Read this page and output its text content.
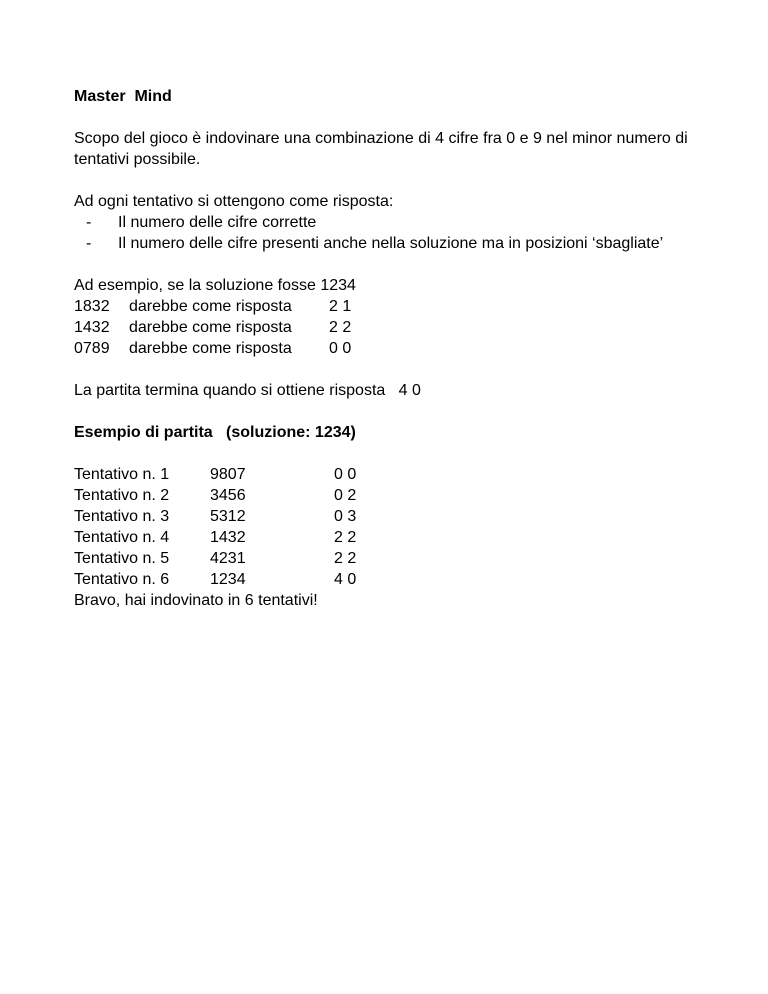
Master  Mind

Scopo del gioco è indovinare una combinazione di 4 cifre fra 0 e 9 nel minor numero di tentativi possibile.

Ad ogni tentativo si ottengono come risposta:

- Il numero delle cifre corrette
- Il numero delle cifre presenti anche nella soluzione ma in posizioni ‘sbagliate’

Ad esempio, se la soluzione fosse 1234

1832	darebbe come risposta	2 1
1432	darebbe come risposta	2 2
0789	darebbe come risposta	0 0
La partita termina quando si ottiene risposta 4 0
Esempio di partita (soluzione: 1234)
Tentativo n. 1	9807	0 0
Tentativo n. 2	3456	0 2
Tentativo n. 3	5312	0 3
Tentativo n. 4	1432	2 2
Tentativo n. 5	4231	2 2
Tentativo n. 6	1234	4 0

Bravo, hai indovinato in 6 tentativi!
